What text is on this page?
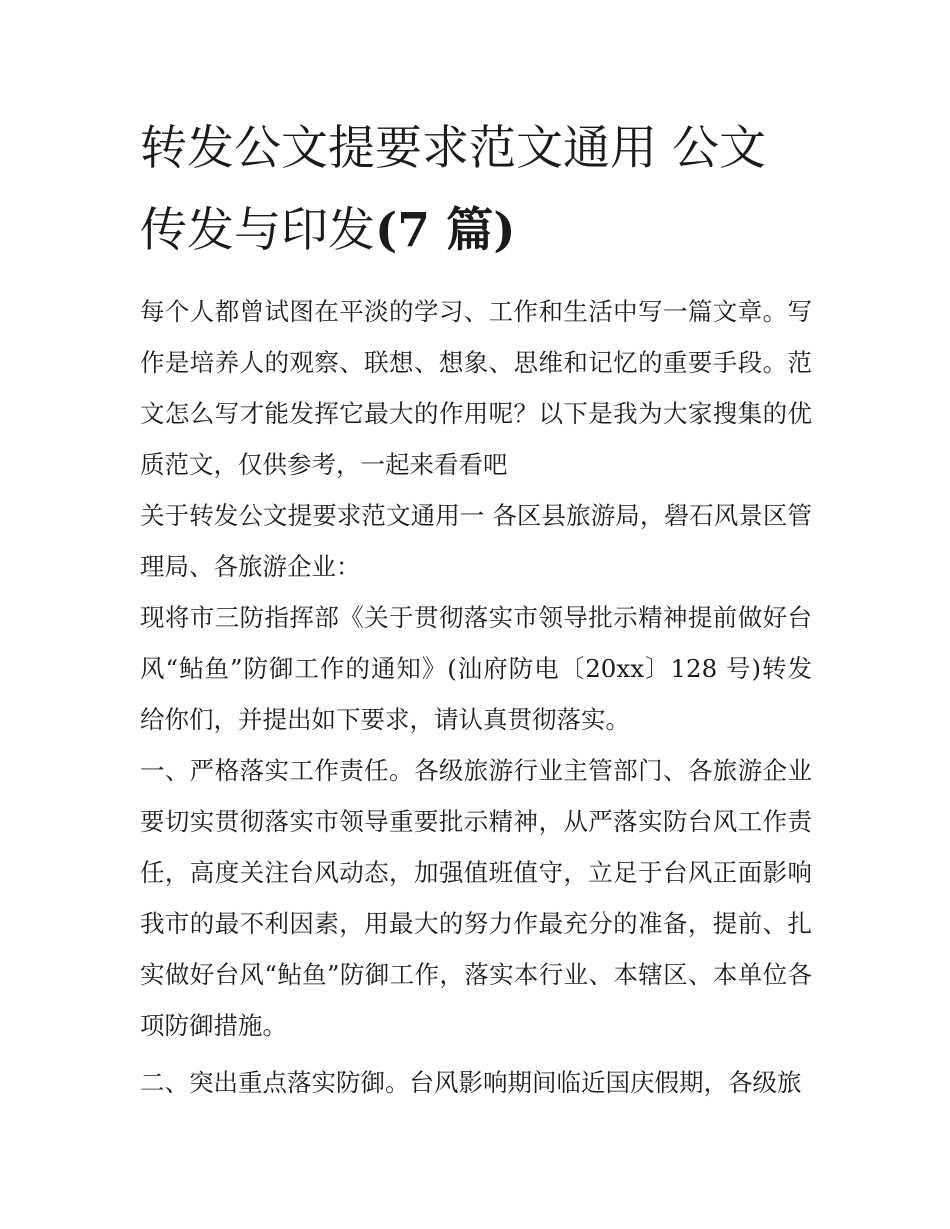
转发公文提要求范文通用 公文传发与印发(7 篇)

每个人都曾试图在平淡的学习、工作和生活中写一篇文章。写作是培养人的观察、联想、想象、思维和记忆的重要手段。范文怎么写才能发挥它最大的作用呢？以下是我为大家搜集的优质范文，仅供参考，一起来看看吧

关于转发公文提要求范文通用一 各区县旅游局，礐石风景区管理局、各旅游企业：

现将市三防指挥部《关于贯彻落实市领导批示精神提前做好台风“鲇鱼”防御工作的通知》(汕府防电〔20xx〕128 号)转发给你们，并提出如下要求，请认真贯彻落实。

一、严格落实工作责任。各级旅游行业主管部门、各旅游企业要切实贯彻落实市领导重要批示精神，从严落实防台风工作责任，高度关注台风动态，加强值班值守，立足于台风正面影响我市的最不利因素，用最大的努力作最充分的准备，提前、扎实做好台风“鲇鱼”防御工作，落实本行业、本辖区、本单位各项防御措施。

二、突出重点落实防御。台风影响期间临近国庆假期，各级旅
